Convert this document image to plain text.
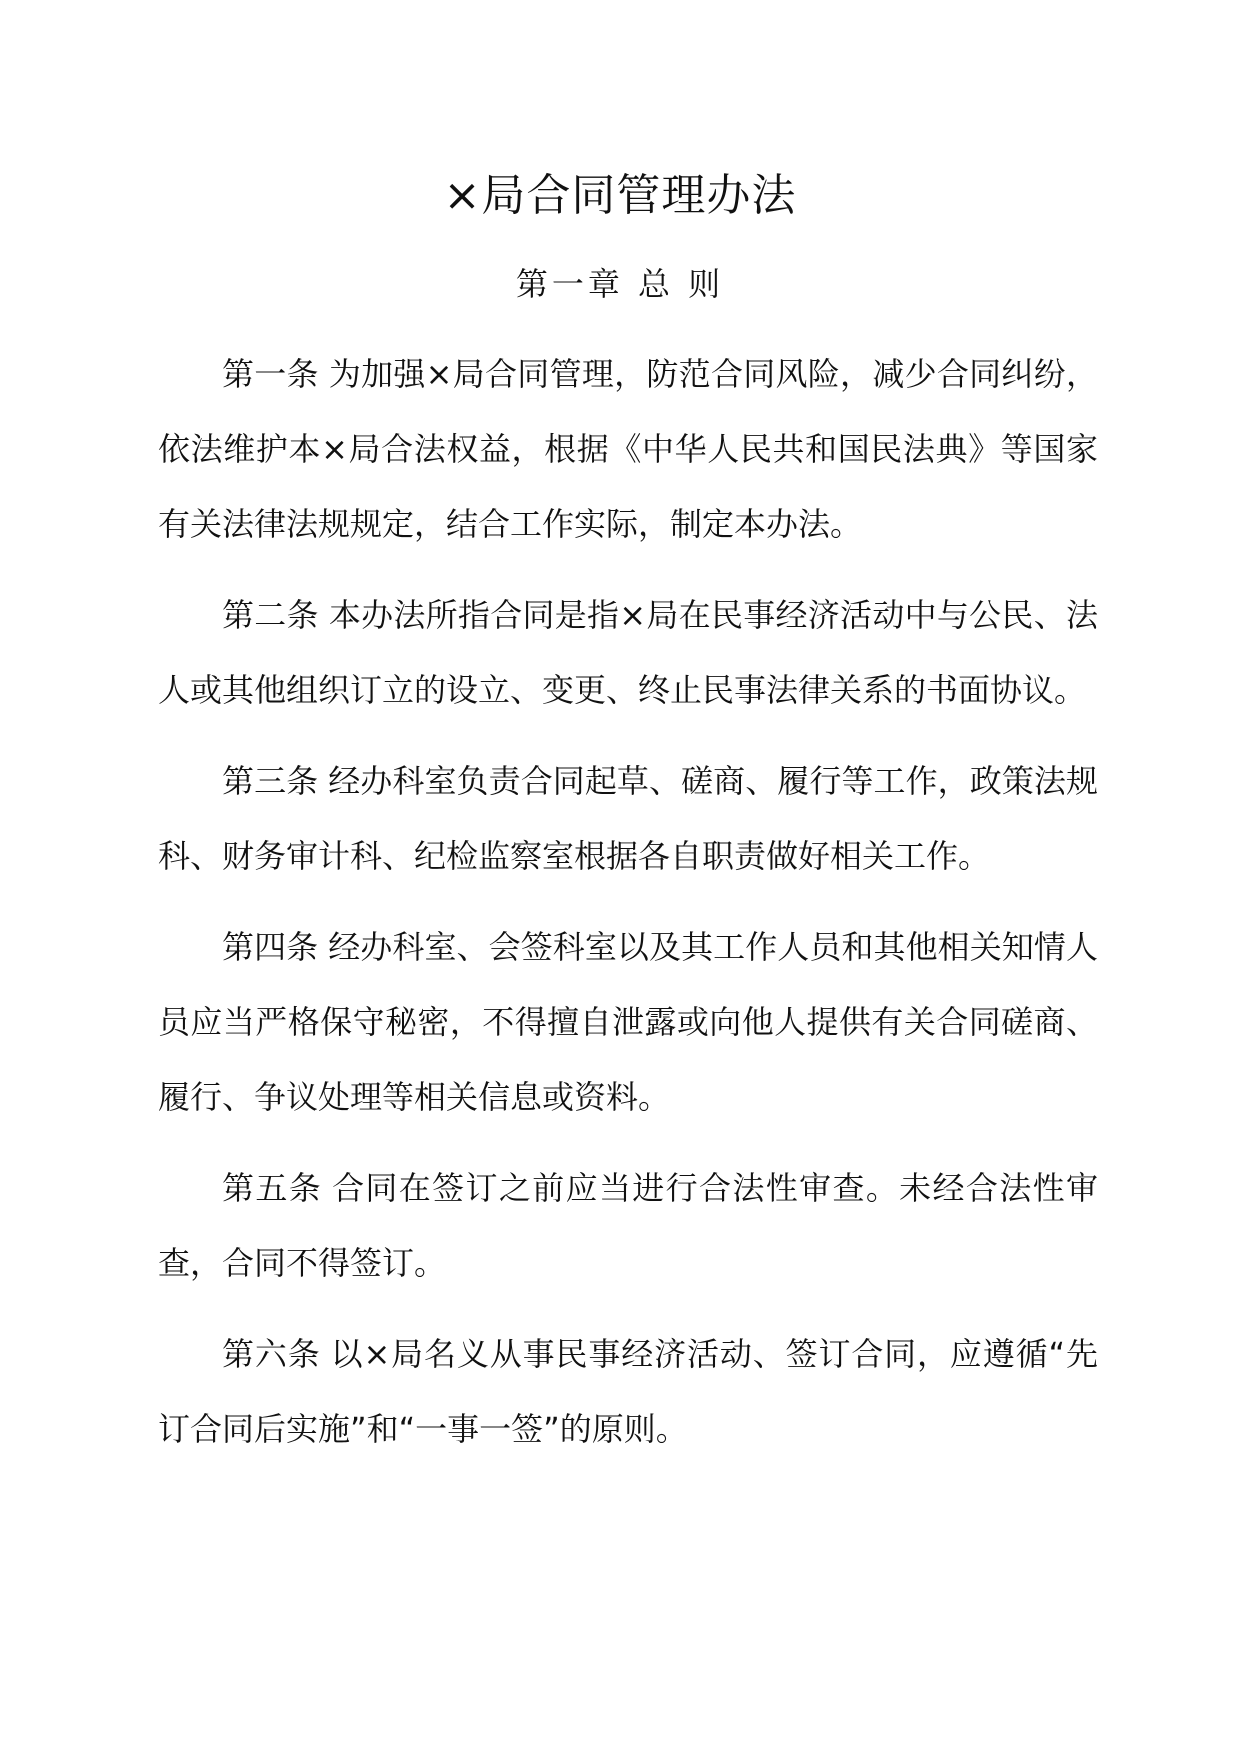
×局合同管理办法
第一章 总 则

第一条 为加强×局合同管理，防范合同风险，减少合同纠纷，依法维护本×局合法权益，根据《中华人民共和国民法典》等国家有关法律法规规定，结合工作实际，制定本办法。

第二条 本办法所指合同是指×局在民事经济活动中与公民、法人或其他组织订立的设立、变更、终止民事法律关系的书面协议。

第三条 经办科室负责合同起草、磋商、履行等工作，政策法规科、财务审计科、纪检监察室根据各自职责做好相关工作。

第四条 经办科室、会签科室以及其工作人员和其他相关知情人员应当严格保守秘密，不得擅自泄露或向他人提供有关合同磋商、履行、争议处理等相关信息或资料。

第五条 合同在签订之前应当进行合法性审查。未经合法性审查，合同不得签订。

第六条 以×局名义从事民事经济活动、签订合同，应遵循“先订合同后实施”和“一事一签”的原则。
